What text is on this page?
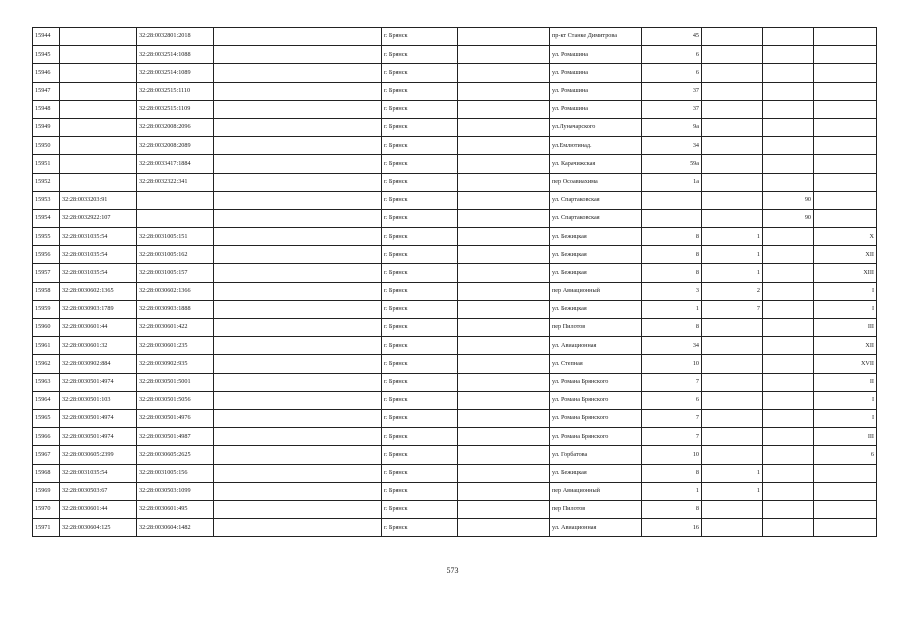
15944		32:28:0032801:2018		г. Брянск		пр-кт Станке Димитрова	45			
15945		32:28:0032514:1088		г. Брянск		ул. Ромашина	6			
15946		32:28:0032514:1089		г. Брянск		ул. Ромашина	6			
15947		32:28:0032515:1110		г. Брянск		ул. Ромашина	37			
15948		32:28:0032515:1109		г. Брянск		ул. Ромашина	37			
15949		32:28:0032008:2096		г. Брянск		ул.Луначарского	9а			
15950		32:28:0032008:2089		г. Брянск		ул.Емлютинад.	34			
15951		32:28:0033417:1884		г. Брянск		ул. Карачижская	59а			
15952		32:28:0032322:341		г. Брянск		пер Осоавиахима	1а			
15953	32:28:0033203:91			г. Брянск		ул. Спартаковская			90	
15954	32:28:0032922:107			г. Брянск		ул. Спартаковская			90	
15955	32:28:0031035:54	32:28:0031005:151		г. Брянск		ул. Бежицкая	8	1		X
15956	32:28:0031035:54	32:28:0031005:162		г. Брянск		ул. Бежицкая	8	1		XII
15957	32:28:0031035:54	32:28:0031005:157		г. Брянск		ул. Бежицкая	8	1		XIII
15958	32:28:0030602:1365	32:28:0030602:1366		г. Брянск		пер Авиационный	3	2		I
15959	32:28:0030903:1789	32:28:0030903:1888		г. Брянск		ул. Бежицкая	1	7		I
15960	32:28:0030601:44	32:28:0030601:422		г. Брянск		пер Пилотов	8			III
15961	32:28:0030601:32	32:28:0030601:235		г. Брянск		ул. Авиационная	34			XII
15962	32:28:0030902:884	32:28:0030902:935		г. Брянск		ул. Степная	10			XVII
15963	32:28:0030501:4974	32:28:0030501:5001		г. Брянск		ул. Романа Брянского	7			II
15964	32:28:0030501:103	32:28:0030501:5056		г. Брянск		ул. Романа Брянского	6			I
15965	32:28:0030501:4974	32:28:0030501:4976		г. Брянск		ул. Романа Брянского	7			I
15966	32:28:0030501:4974	32:28:0030501:4987		г. Брянск		ул. Романа Брянского	7			III
15967	32:28:0030605:2399	32:28:0030605:2625		г. Брянск		ул. Горбатова	10			6
15968	32:28:0031035:54	32:28:0031005:156		г. Брянск		ул. Бежицкая	8	1		
15969	32:28:0030503:67	32:28:0030503:1099		г. Брянск		пер Авиационный	1	1		
15970	32:28:0030601:44	32:28:0030601:495		г. Брянск		пер Пилотов	8			
15971	32:28:0030604:125	32:28:0030604:1482		г. Брянск		ул. Авиационная	16			
573
